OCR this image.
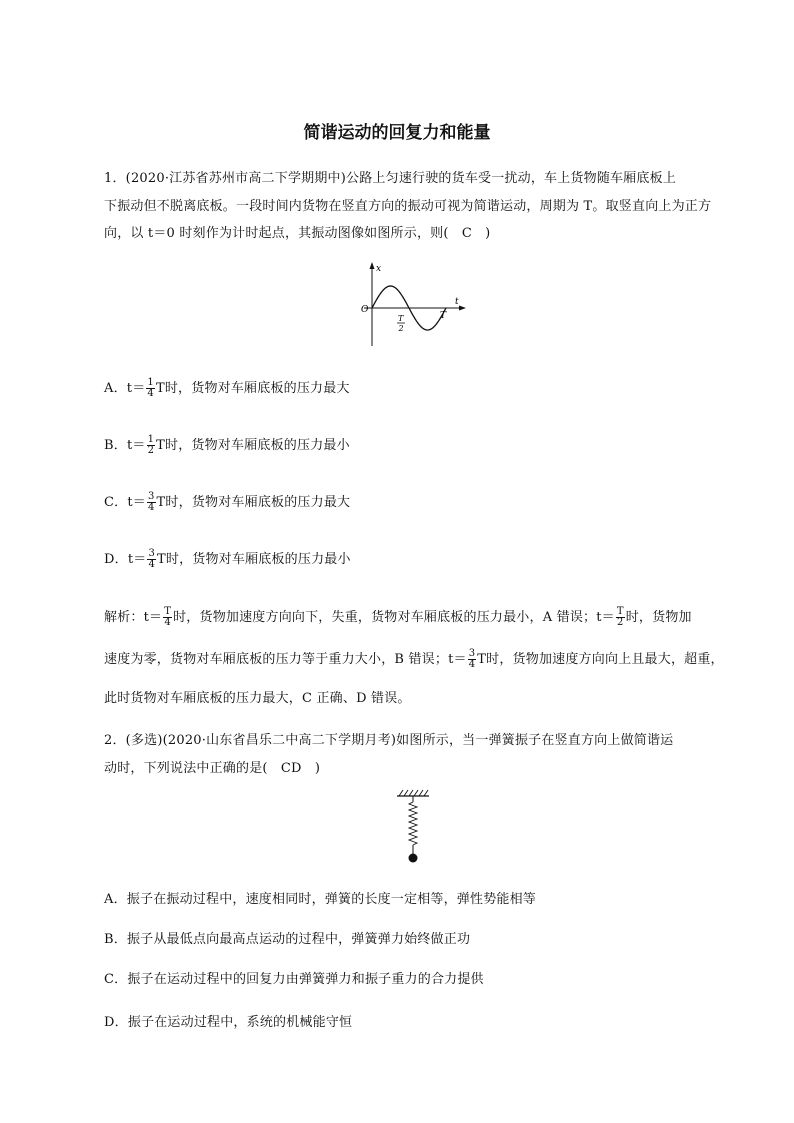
简谐运动的回复力和能量
1．(2020·江苏省苏州市高二下学期期中)公路上匀速行驶的货车受一扰动，车上货物随车厢底板上
下振动但不脱离底板。一段时间内货物在竖直方向的振动可视为简谐运动，周期为 T。取竖直向上为正方
向，以 t＝0 时刻作为计时起点，其振动图像如图所示，则(　C　)
x
t
O
T
2
T
A．$t= \frac{1}{4}$ T时，货物对车厢底板的压力最大
B．$t= \frac{1}{2}$ T时，货物对车厢底板的压力最小
C．$t= \frac{3}{4}$ T时，货物对车厢底板的压力最大
D．$t= \frac{3}{4}$ T时，货物对车厢底板的压力最小
解析：$t= \frac{T}{4}$ 时，货物加速度方向向下，失重，货物对车厢底板的压力最小，A 错误；$t= \frac{T}{2}$ 时，货物加
速度为零，货物对车厢底板的压力等于重力大小，B 错误；$t= \frac{3}{4}$ T时，货物加速度方向向上且最大，超重，
此时货物对车厢底板的压力最大，C 正确、D 错误。
2．(多选)(2020·山东省昌乐二中高二下学期月考)如图所示，当一弹簧振子在竖直方向上做简谐运
动时，下列说法中正确的是(　CD　)
A．振子在振动过程中，速度相同时，弹簧的长度一定相等，弹性势能相等
B．振子从最低点向最高点运动的过程中，弹簧弹力始终做正功
C．振子在运动过程中的回复力由弹簧弹力和振子重力的合力提供
D．振子在运动过程中，系统的机械能守恒
